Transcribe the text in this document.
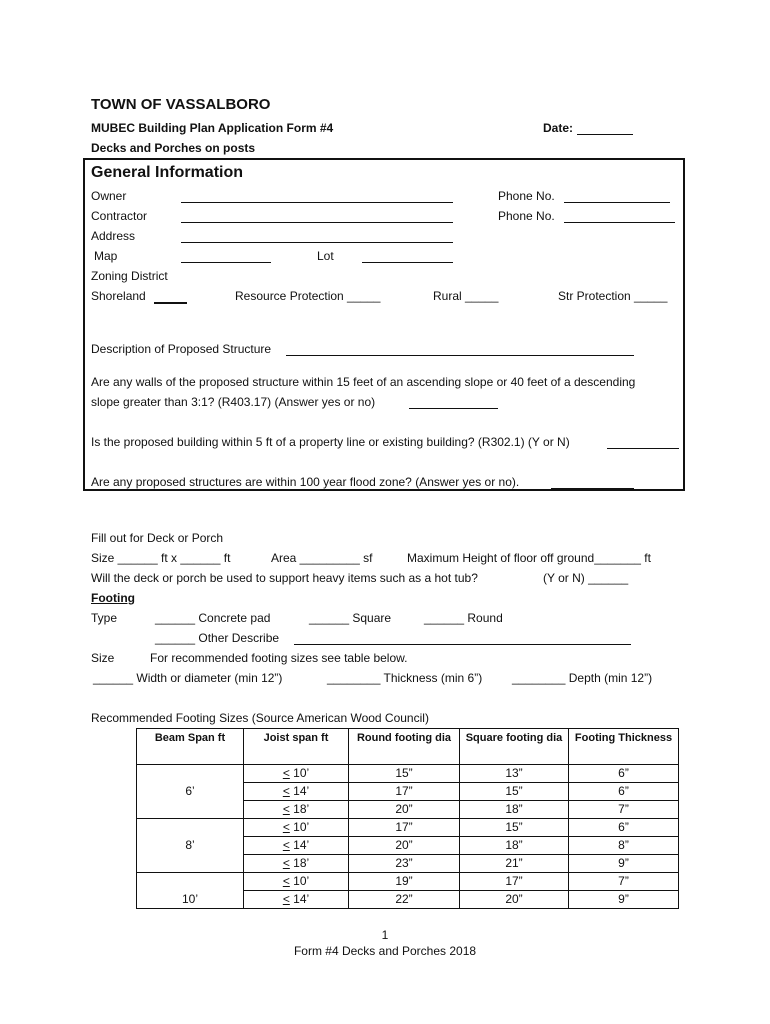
TOWN OF VASSALBORO
MUBEC Building Plan Application Form #4
Decks and Porches on posts
Date:
General Information
Owner	Phone No.
Contractor	Phone No.
Address
Map	Lot
Zoning District
Shoreland	Resource Protection _____	Rural _____	Str Protection _____
Description of Proposed Structure
Are any walls of the proposed structure within 15 feet of an ascending slope or 40 feet of a descending
slope greater than 3:1? (R403.17) (Answer yes or no)
Is the proposed building within 5 ft of a property line or existing building? (R302.1) (Y or N)
Are any proposed structures are within 100 year flood zone? (Answer yes or no).
Fill out for Deck or Porch
Size ______ ft x ______ ft	Area _________ sf	Maximum Height of floor off ground_______ ft
Will the deck or porch be used to support heavy items such as a hot tub?	(Y or N) ______
Footing
Type	______ Concrete pad	______ Square	______ Round
______ Other Describe
Size	For recommended footing sizes see table below.
______ Width or diameter (min 12”)	________ Thickness (min 6”) ________ Depth (min 12”)
Recommended Footing Sizes (Source American Wood Council)
Beam Span ft	Joist span ft	Round footing dia	Square footing dia	Footing Thickness
6’	≤ 10’	15”	13”	6”
	≤ 14’	17”	15”	6”
	≤ 18’	20”	18”	7”
8’	≤ 10’	17”	15”	6”
	≤ 14’	20”	18”	8”
	≤ 18’	23”	21”	9”
10’	≤ 10’	19”	17”	7”
	≤ 14’	22”	20”	9”
1
Form #4 Decks and Porches 2018
